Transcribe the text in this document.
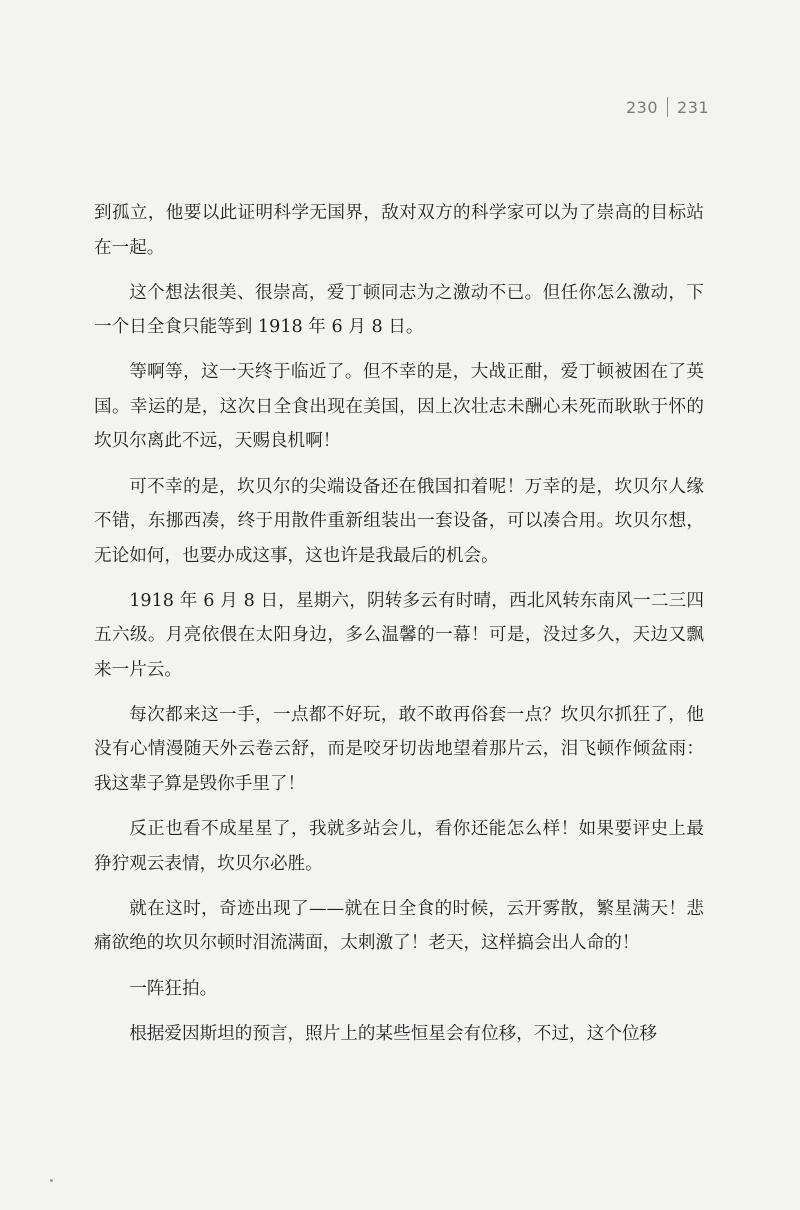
230 231

到孤立，他要以此证明科学无国界，敌对双方的科学家可以为了崇高的目标站在一起。

这个想法很美、很崇高，爱丁顿同志为之激动不已。但任你怎么激动，下一个日全食只能等到 1918 年 6 月 8 日。

等啊等，这一天终于临近了。但不幸的是，大战正酣，爱丁顿被困在了英国。幸运的是，这次日全食出现在美国，因上次壮志未酬心未死而耿耿于怀的坎贝尔离此不远，天赐良机啊！

可不幸的是，坎贝尔的尖端设备还在俄国扣着呢！万幸的是，坎贝尔人缘不错，东挪西凑，终于用散件重新组装出一套设备，可以凑合用。坎贝尔想，无论如何，也要办成这事，这也许是我最后的机会。

1918 年 6 月 8 日，星期六，阴转多云有时晴，西北风转东南风一二三四五六级。月亮依偎在太阳身边，多么温馨的一幕！可是，没过多久，天边又飘来一片云。

每次都来这一手，一点都不好玩，敢不敢再俗套一点？坎贝尔抓狂了，他没有心情漫随天外云卷云舒，而是咬牙切齿地望着那片云，泪飞顿作倾盆雨：我这辈子算是毁你手里了！

反正也看不成星星了，我就多站会儿，看你还能怎么样！如果要评史上最狰狞观云表情，坎贝尔必胜。

就在这时，奇迹出现了——就在日全食的时候，云开雾散，繁星满天！悲痛欲绝的坎贝尔顿时泪流满面，太刺激了！老天，这样搞会出人命的！

一阵狂拍。

根据爱因斯坦的预言，照片上的某些恒星会有位移，不过，这个位移
